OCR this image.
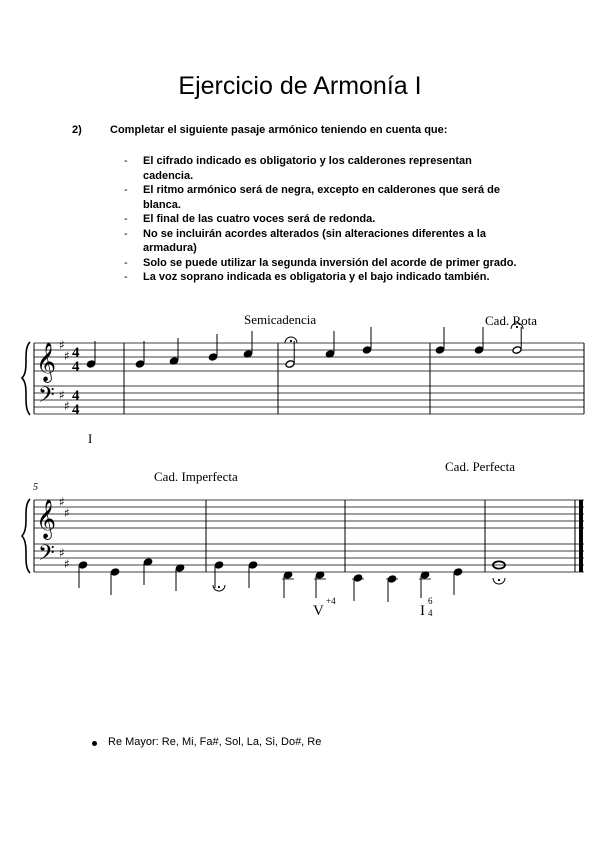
Ejercicio de Armonía I
2)	Completar el siguiente pasaje armónico teniendo en cuenta que:
- El cifrado indicado es obligatorio y los calderones representan cadencia.
- El ritmo armónico será de negra, excepto en calderones que será de blanca.
- El final de las cuatro voces será de redonda.
- No se incluirán acordes alterados (sin alteraciones diferentes a la armadura)
- Solo se puede utilizar la segunda inversión del acorde de primer grado.
- La voz soprano indicada es obligatoria y el bajo indicado también.
𝄞
𝄢
♯
♯
♯
♯
4
4
4
4
Semicadencia	Cad. Rota
I
5
𝄞
𝄢
♯
♯
♯
♯
Cad. Imperfecta
Cad. Perfecta
V
+4
I
6
4
Re Mayor: Re, Mi, Fa#, Sol, La, Si, Do#, Re
